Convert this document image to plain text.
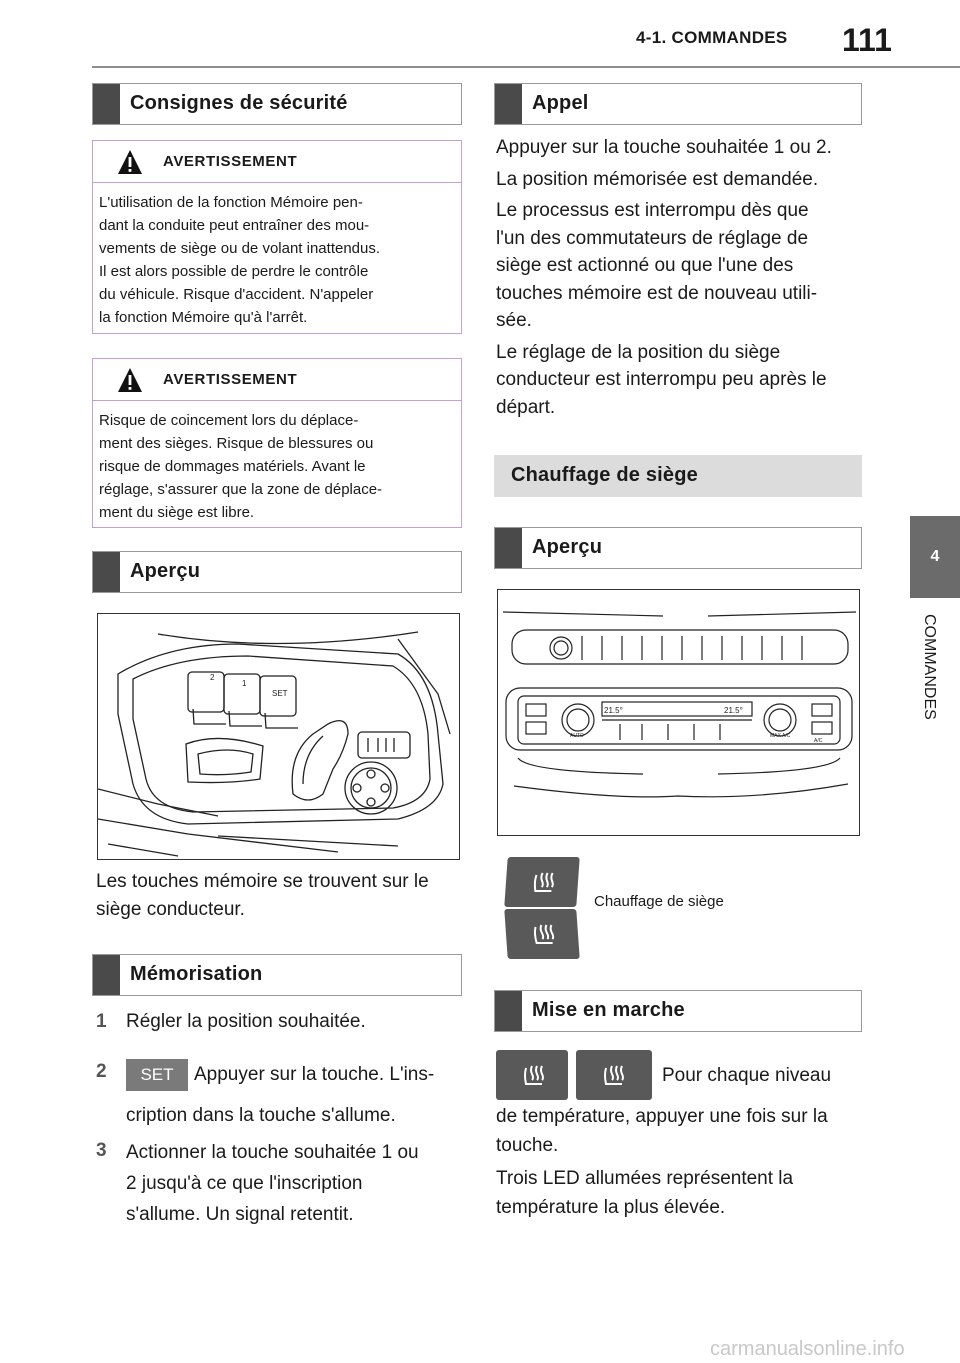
4-1. COMMANDES 111
4
COMMANDES
Consignes de sécurité
AVERTISSEMENT
L'utilisation de la fonction Mémoire pen-
dant la conduite peut entraîner des mou-
vements de siège ou de volant inattendus.
Il est alors possible de perdre le contrôle
du véhicule. Risque d'accident. N'appeler
la fonction Mémoire qu'à l'arrêt.
AVERTISSEMENT
Risque de coincement lors du déplace-
ment des sièges. Risque de blessures ou
risque de dommages matériels. Avant le
réglage, s'assurer que la zone de déplace-
ment du siège est libre.
Aperçu
2
1
SET
Les touches mémoire se trouvent sur le
siège conducteur.
Mémorisation
1 Régler la position souhaitée.
2	SET Appuyer sur la touche. L'ins-
cription dans la touche s'allume.
3 Actionner la touche souhaitée 1 ou
2 jusqu'à ce que l'inscription
s'allume. Un signal retentit.
Appel
Appuyer sur la touche souhaitée 1 ou 2.
La position mémorisée est demandée.
Le processus est interrompu dès que
l'un des commutateurs de réglage de
siège est actionné ou que l'une des
touches mémoire est de nouveau utili-
sée.
Le réglage de la position du siège
conducteur est interrompu peu après le
départ.
Chauffage de siège
Aperçu
21.5°	21.5°
AUTO	MAX A/C
A/C
Chauffage de siège
Mise en marche
Pour chaque niveau
de température, appuyer une fois sur la
touche.
Trois LED allumées représentent la
température la plus élevée.
carmanualsonline.info
